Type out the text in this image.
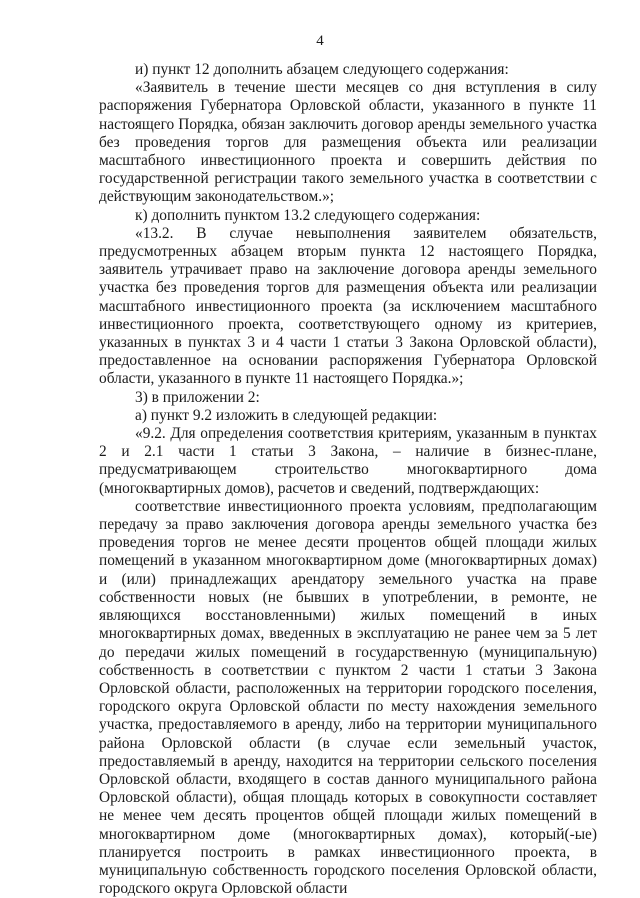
4

и) пункт 12 дополнить абзацем следующего содержания:

«Заявитель в течение шести месяцев со дня вступления в силу распоряжения Губернатора Орловской области, указанного в пункте 11 настоящего Порядка, обязан заключить договор аренды земельного участка без проведения торгов для размещения объекта или реализации масштабного инвестиционного проекта и совершить действия по государственной регистрации такого земельного участка в соответствии с действующим законодательством.»;

к) дополнить пунктом 13.2 следующего содержания:

«13.2. В случае невыполнения заявителем обязательств, предусмотренных абзацем вторым пункта 12 настоящего Порядка, заявитель утрачивает право на заключение договора аренды земельного участка без проведения торгов для размещения объекта или реализации масштабного инвестиционного проекта (за исключением масштабного инвестиционного проекта, соответствующего одному из критериев, указанных в пунктах 3 и 4 части 1 статьи 3 Закона Орловской области), предоставленное на основании распоряжения Губернатора Орловской области, указанного в пункте 11 настоящего Порядка.»;

3) в приложении 2:

а) пункт 9.2 изложить в следующей редакции:

«9.2. Для определения соответствия критериям, указанным в пунктах 2 и 2.1 части 1 статьи 3 Закона, – наличие в бизнес-плане, предусматривающем строительство многоквартирного дома (многоквартирных домов), расчетов и сведений, подтверждающих:

соответствие инвестиционного проекта условиям, предполагающим передачу за право заключения договора аренды земельного участка без проведения торгов не менее десяти процентов общей площади жилых помещений в указанном многоквартирном доме (многоквартирных домах) и (или) принадлежащих арендатору земельного участка на праве собственности новых (не бывших в употреблении, в ремонте, не являющихся восстановленными) жилых помещений в иных многоквартирных домах, введенных в эксплуатацию не ранее чем за 5 лет до передачи жилых помещений в государственную (муниципальную) собственность в соответствии с пунктом 2 части 1 статьи 3 Закона Орловской области, расположенных на территории городского поселения, городского округа Орловской области по месту нахождения земельного участка, предоставляемого в аренду, либо на территории муниципального района Орловской области (в случае если земельный участок, предоставляемый в аренду, находится на территории сельского поселения Орловской области, входящего в состав данного муниципального района Орловской области), общая площадь которых в совокупности составляет не менее чем десять процентов общей площади жилых помещений в многоквартирном доме (многоквартирных домах), который(-ые) планируется построить в рамках инвестиционного проекта, в муниципальную собственность городского поселения Орловской области, городского округа Орловской области
